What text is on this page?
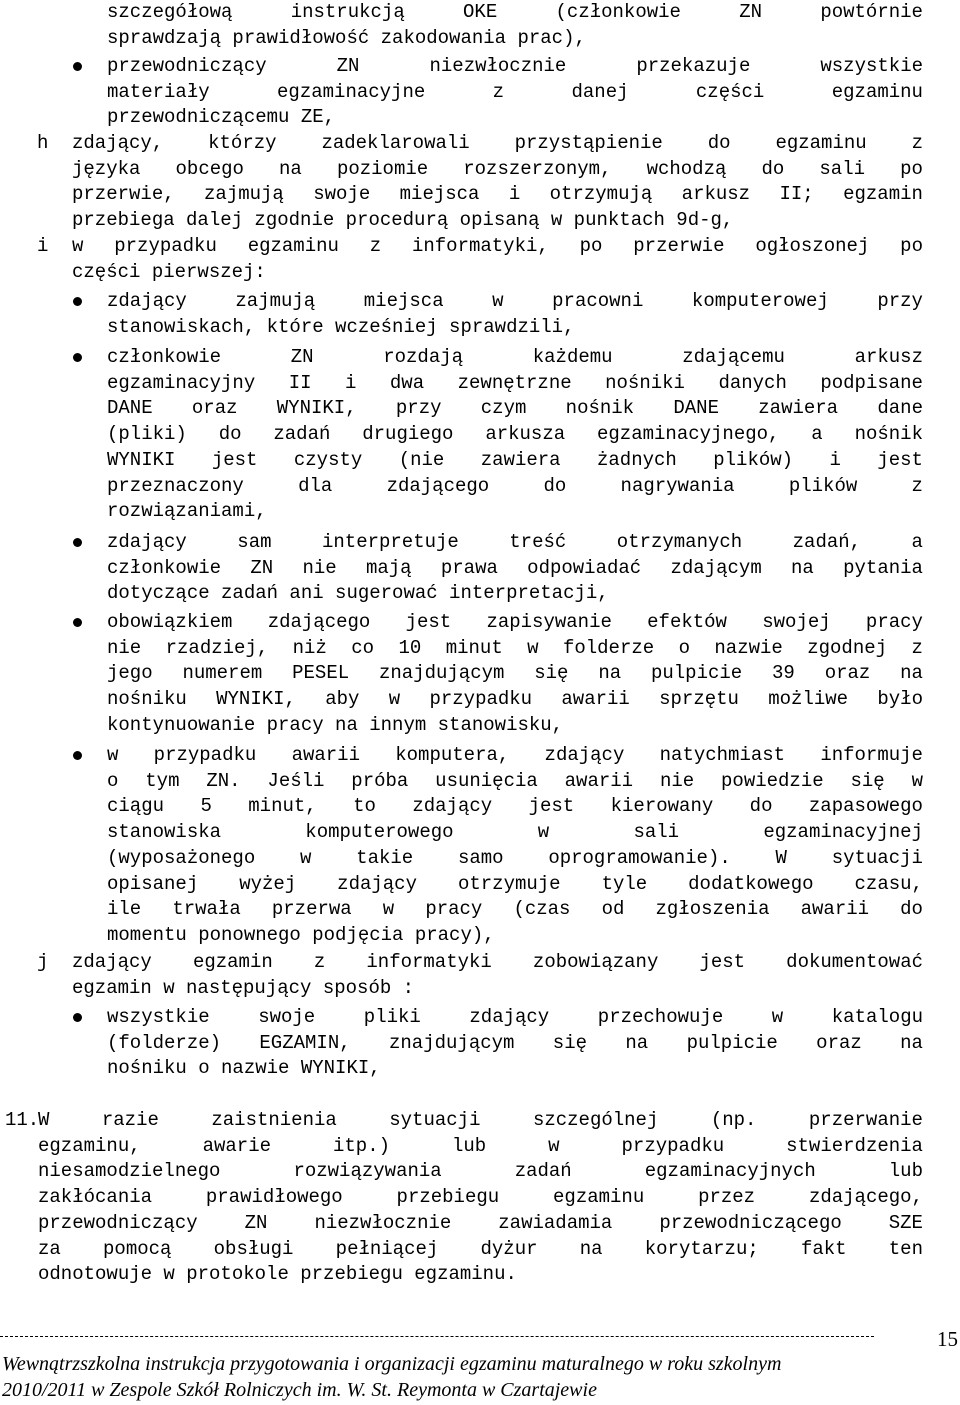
szczegółową	instrukcją	OKE	(członkowie	ZN	powtórnie
sprawdzają prawidłowość zakodowania prac),
przewodniczący	ZN	niezwłocznie	przekazuje	wszystkie
materiały	egzaminacyjne	z	danej	części	egzaminu
przewodniczącemu ZE,
h zdający, którzy zadeklarowali przystąpienie do egzaminu z
języka obcego na poziomie rozszerzonym, wchodzą do sali po
przerwie, zajmują swoje miejsca i otrzymują arkusz II; egzamin
przebiega dalej zgodnie procedurą opisaną w punktach 9d-g,
i w przypadku egzaminu z informatyki, po przerwie ogłoszonej po
części pierwszej:
zdający	zajmują	miejsca	w	pracowni	komputerowej	przy
stanowiskach, które wcześniej sprawdzili,
członkowie	ZN	rozdają	każdemu	zdającemu	arkusz
egzaminacyjny II i dwa zewnętrzne nośniki danych podpisane
DANE oraz WYNIKI, przy czym nośnik DANE zawiera dane
(pliki) do zadań drugiego arkusza egzaminacyjnego, a nośnik
WYNIKI jest czysty (nie zawiera żadnych plików) i jest
przeznaczony	dla	zdającego	do	nagrywania	plików	z
rozwiązaniami,
zdający	sam	interpretuje	treść	otrzymanych	zadań,	a
członkowie ZN nie mają prawa odpowiadać zdającym na pytania
dotyczące zadań ani sugerować interpretacji,
obowiązkiem zdającego jest zapisywanie efektów swojej pracy
nie rzadziej, niż co 10 minut w folderze o nazwie zgodnej z
jego numerem PESEL znajdującym się na pulpicie 39 oraz na
nośniku WYNIKI, aby w przypadku awarii sprzętu możliwe było
kontynuowanie pracy na innym stanowisku,
w przypadku awarii komputera, zdający natychmiast informuje
o tym ZN. Jeśli próba usunięcia awarii nie powiedzie się w
ciągu 5 minut, to zdający jest kierowany do zapasowego
stanowiska	komputerowego	w	sali	egzaminacyjnej
(wyposażonego w takie samo oprogramowanie). W sytuacji
opisanej wyżej zdający otrzymuje tyle dodatkowego czasu,
ile trwała przerwa w pracy (czas od zgłoszenia awarii do
momentu ponownego podjęcia pracy),
j zdający egzamin z informatyki zobowiązany jest dokumentować
egzamin w następujący sposób :
wszystkie	swoje	pliki	zdający	przechowuje	w	katalogu
(folderze) EGZAMIN, znajdującym się na pulpicie oraz na
nośniku o nazwie WYNIKI,
11.
W	razie	zaistnienia	sytuacji	szczególnej	(np.	przerwanie
egzaminu,	awarie	itp.)	lub	w	przypadku	stwierdzenia
niesamodzielnego	rozwiązywania	zadań	egzaminacyjnych	lub
zakłócania	prawidłowego	przebiegu	egzaminu	przez	zdającego,
przewodniczący ZN niezwłocznie zawiadamia przewodniczącego SZE
za pomocą obsługi pełniącej dyżur na korytarzu; fakt ten
odnotowuje w protokole przebiegu egzaminu.
Wewnątrzszkolna instrukcja przygotowania i organizacji egzaminu maturalnego w roku szkolnym
2010/2011 w Zespole Szkół Rolniczych im. W. St. Reymonta w Czartajewie
15
